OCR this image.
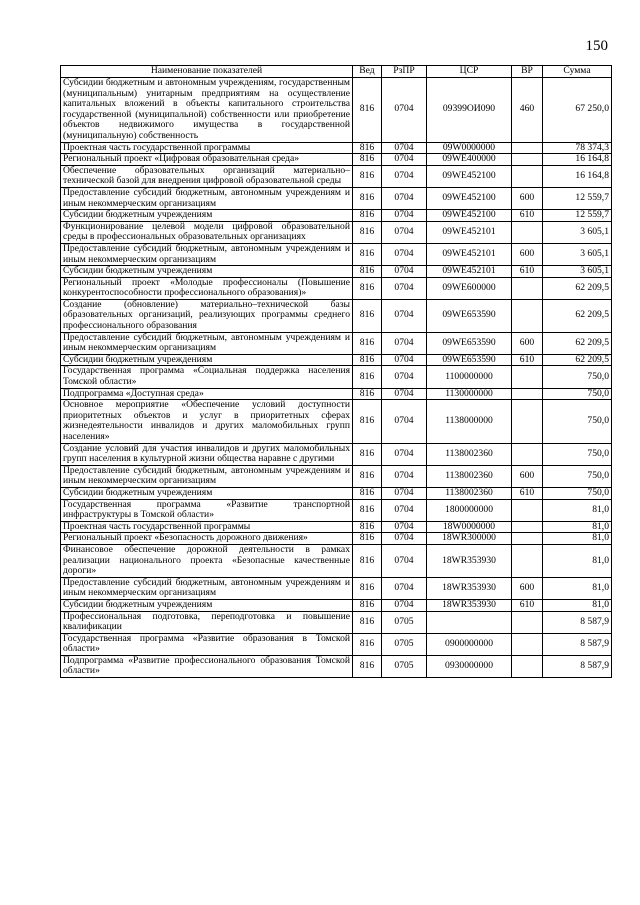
150
Наименование показателей	Вед	РзПР	ЦСР	ВР	Сумма
Субсидии бюджетным и автономным учреждениям, государственным (муниципальным) унитарным предприятиям на осуществление капитальных вложений в объекты капитального строительства государственной (муниципальной) собственности или приобретение объектов недвижимого имущества в государственной (муниципальную) собственность	816	0704	09399ОИ090	460	67 250,0
Проектная часть государственной программы	816	0704	09W0000000		78 374,3
Региональный проект «Цифровая образовательная среда»	816	0704	09WE400000		16 164,8
Обеспечение образовательных организаций материально–технической базой для внедрения цифровой образовательной среды	816	0704	09WE452100		16 164,8
Предоставление субсидий бюджетным, автономным учреждениям и иным некоммерческим организациям	816	0704	09WE452100	600	12 559,7
Субсидии бюджетным учреждениям	816	0704	09WE452100	610	12 559,7
Функционирование целевой модели цифровой образовательной среды в профессиональных образовательных организациях	816	0704	09WE452101		3 605,1
Предоставление субсидий бюджетным, автономным учреждениям и иным некоммерческим организациям	816	0704	09WE452101	600	3 605,1
Субсидии бюджетным учреждениям	816	0704	09WE452101	610	3 605,1
Региональный проект «Молодые профессионалы (Повышение конкурентоспособности профессионального образования)»	816	0704	09WE600000		62 209,5
Создание (обновление) материально–технической базы образовательных организаций, реализующих программы среднего профессионального образования	816	0704	09WE653590		62 209,5
Предоставление субсидий бюджетным, автономным учреждениям и иным некоммерческим организациям	816	0704	09WE653590	600	62 209,5
Субсидии бюджетным учреждениям	816	0704	09WE653590	610	62 209,5
Государственная программа «Социальная поддержка населения Томской области»	816	0704	1100000000		750,0
Подпрограмма «Доступная среда»	816	0704	1130000000		750,0
Основное мероприятие «Обеспечение условий доступности приоритетных объектов и услуг в приоритетных сферах жизнедеятельности инвалидов и других маломобильных групп населения»	816	0704	1138000000		750,0
Создание условий для участия инвалидов и других маломобильных групп населения в культурной жизни общества наравне с другими	816	0704	1138002360		750,0
Предоставление субсидий бюджетным, автономным учреждениям и иным некоммерческим организациям	816	0704	1138002360	600	750,0
Субсидии бюджетным учреждениям	816	0704	1138002360	610	750,0
Государственная программа «Развитие транспортной инфраструктуры в Томской области»	816	0704	1800000000		81,0
Проектная часть государственной программы	816	0704	18W0000000		81,0
Региональный проект «Безопасность дорожного движения»	816	0704	18WR300000		81,0
Финансовое обеспечение дорожной деятельности в рамках реализации национального проекта «Безопасные качественные дороги»	816	0704	18WR353930		81,0
Предоставление субсидий бюджетным, автономным учреждениям и иным некоммерческим организациям	816	0704	18WR353930	600	81,0
Субсидии бюджетным учреждениям	816	0704	18WR353930	610	81,0
Профессиональная подготовка, переподготовка и повышение квалификации	816	0705			8 587,9
Государственная программа «Развитие образования в Томской области»	816	0705	0900000000		8 587,9
Подпрограмма «Развитие профессионального образования Томской области»	816	0705	0930000000		8 587,9
